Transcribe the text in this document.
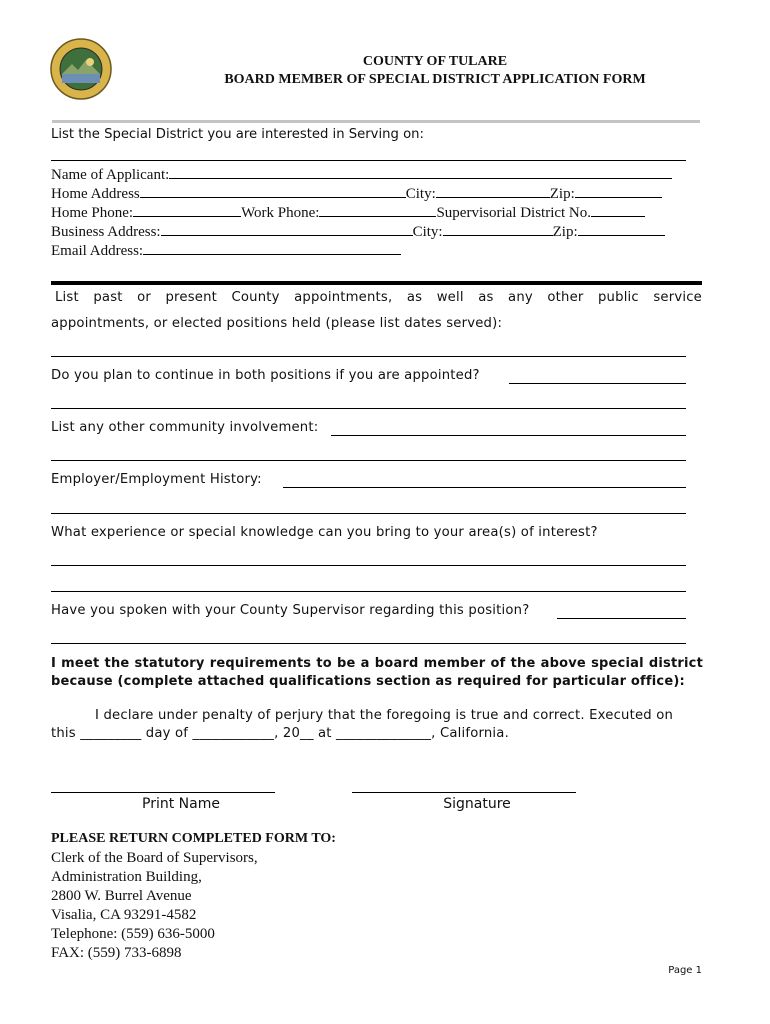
COUNTY OF TULARE
BOARD MEMBER OF SPECIAL DISTRICT APPLICATION FORM
List the Special District you are interested in Serving on:
Name of Applicant:
Home Address	City:	Zip:
Home Phone:	Work Phone:	Supervisorial District No.
Business Address:	City:	Zip:
Email Address:
List past or present County appointments, as well as any other public service
appointments, or elected positions held (please list dates served):
Do you plan to continue in both positions if you are appointed?
List any other community involvement:
Employer/Employment History:
What experience or special knowledge can you bring to your area(s) of interest?
Have you spoken with your County Supervisor regarding this position?
I meet the statutory requirements to be a board member of the above special district because (complete attached qualifications section as required for particular office):
I declare under penalty of perjury that the foregoing is true and correct. Executed on
this _________ day of ____________, 20__ at ______________, California.
Print Name	Signature
PLEASE RETURN COMPLETED FORM TO:
Clerk of the Board of Supervisors,
Administration Building,
2800 W. Burrel Avenue
Visalia, CA 93291-4582
Telephone: (559) 636-5000
FAX: (559) 733-6898
Page 1
